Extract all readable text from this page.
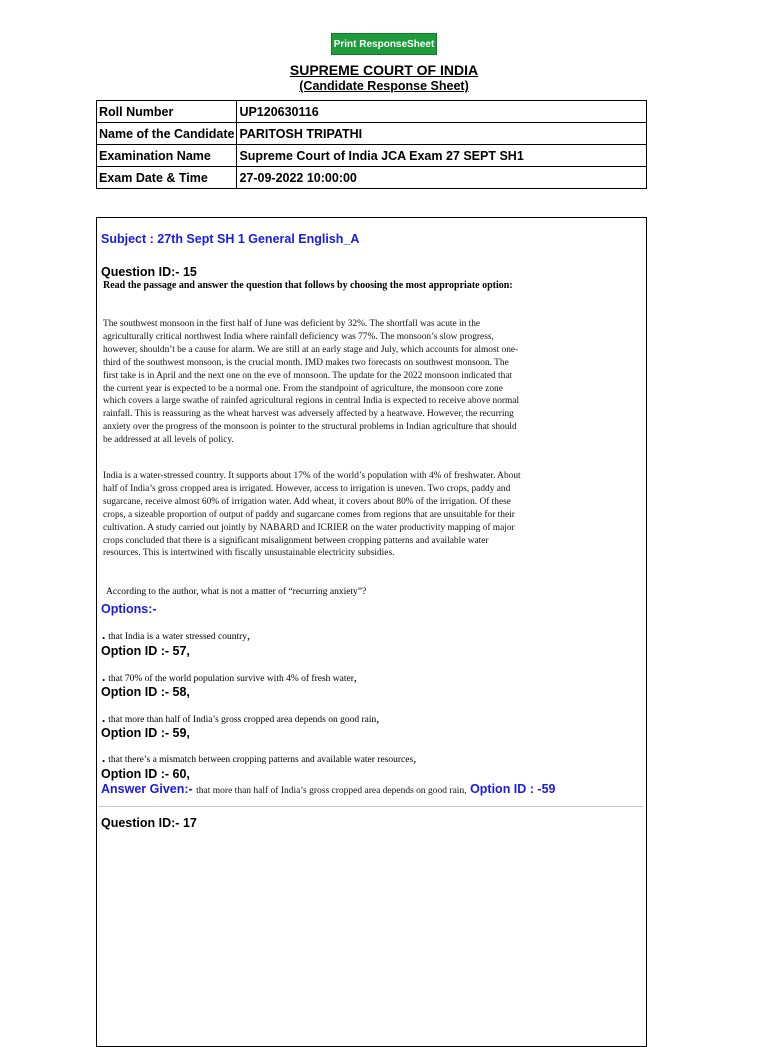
Print ResponseSheet
SUPREME COURT OF INDIA
(Candidate Response Sheet)
Roll Number	UP120630116
Name of the Candidate	PARITOSH TRIPATHI
Examination Name	Supreme Court of India JCA Exam 27 SEPT SH1
Exam Date & Time	27-09-2022 10:00:00
Subject : 27th Sept SH 1 General English_A
Question ID:- 15
Read the passage and answer the question that follows by choosing the most appropriate option:
The southwest monsoon in the first half of June was deficient by 32%. The shortfall was acute in the agriculturally critical northwest India where rainfall deficiency was 77%. The monsoon’s slow progress, however, shouldn’t be a cause for alarm. We are still at an early stage and July, which accounts for almost one-third of the southwest monsoon, is the crucial month. IMD makes two forecasts on southwest monsoon. The first take is in April and the next one on the eve of monsoon. The update for the 2022 monsoon indicated that the current year is expected to be a normal one. From the standpoint of agriculture, the monsoon core zone which covers a large swathe of rainfed agricultural regions in central India is expected to receive above normal rainfall. This is reassuring as the wheat harvest was adversely affected by a heatwave. However, the recurring anxiety over the progress of the monsoon is pointer to the structural problems in Indian agriculture that should be addressed at all levels of policy.
India is a water-stressed country. It supports about 17% of the world’s population with 4% of freshwater. About half of India’s gross cropped area is irrigated. However, access to irrigation is uneven. Two crops, paddy and sugarcane, receive almost 60% of irrigation water. Add wheat, it covers about 80% of the irrigation. Of these crops, a sizeable proportion of output of paddy and sugarcane comes from regions that are unsuitable for their cultivation. A study carried out jointly by NABARD and ICRIER on the water productivity mapping of major crops concluded that there is a significant misalignment between cropping patterns and available water resources. This is intertwined with fiscally unsustainable electricity subsidies.
According to the author, what is not a matter of “recurring anxiety”?
Options:-
. that India is a water stressed country,
Option ID :- 57,
. that 70% of the world population survive with 4% of fresh water,
Option ID :- 58,
. that more than half of India’s gross cropped area depends on good rain,
Option ID :- 59,
. that there’s a mismatch between cropping patterns and available water resources,
Option ID :- 60,
Answer Given:- that more than half of India’s gross cropped area depends on good rain, Option ID : -59
Question ID:- 17
